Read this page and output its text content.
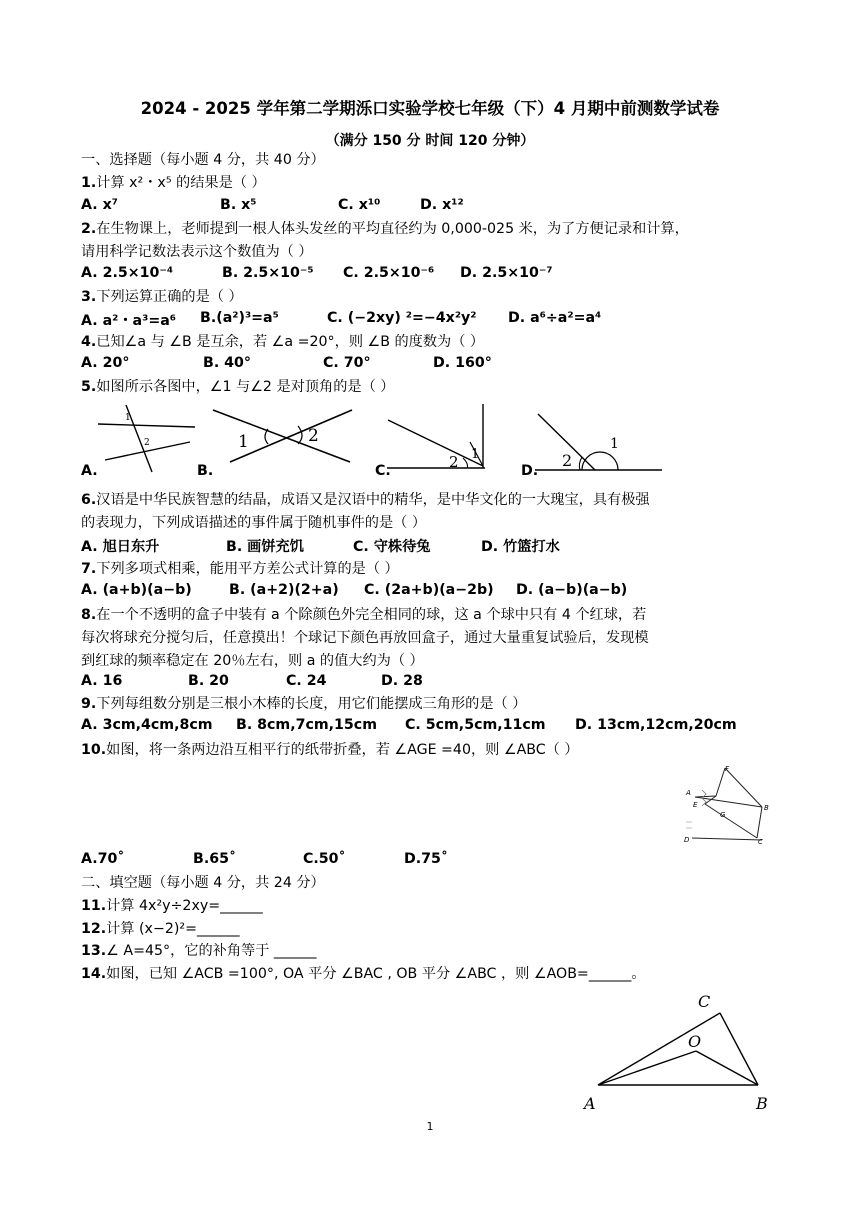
2024 - 2025 学年第二学期泺口实验学校七年级（下）4 月期中前测数学试卷
（满分 150 分 时间 120 分钟）
一、选择题（每小题 4 分，共 40 分）
1.计算 x²・x⁵ 的结果是（ ）
A. x⁷	B. x⁵	C. x¹⁰	D. x¹²
2.在生物课上，老师提到一根人体头发丝的平均直径约为 0,000-025 米，为了方便记录和计算，
请用科学记数法表示这个数值为（ ）
A. 2.5×10⁻⁴	B. 2.5×10⁻⁵ C. 2.5×10⁻⁶ D. 2.5×10⁻⁷
3.下列运算正确的是（ ）
A. a²・a³=a⁶ B.(a²)³=a⁵	C. (−2xy) ²=−4x²y² D. a⁶÷a²=a⁴
4.已知∠a 与 ∠B 是互余，若 ∠a =20°，则 ∠B 的度数为（ ）
A. 20°	B. 40°	C. 70°	D. 160°
5.如图所示各图中，∠1 与∠2 是对顶角的是（ ）
1
2
A.
1	2
B.	2 1
C.
2
1
D.
6.汉语是中华民族智慧的结晶，成语又是汉语中的精华，是中华文化的一大瑰宝，具有极强
的表现力，下列成语描述的事件属于随机事件的是（ ）
A. 旭日东升	B. 画饼充饥	C. 守株待兔	D. 竹篮打水
7.下列多项式相乘，能用平方差公式计算的是（ ）
A. (a+b)(a−b)	B. (a+2)(2+a) C. (2a+b)(a−2b) D. (a−b)(a−b)
8.在一个不透明的盒子中装有 a 个除颜色外完全相同的球，这 a 个球中只有 4 个红球，若
每次将球充分搅匀后，任意摸出！个球记下颜色再放回盒子，通过大量重复试验后，发现模
到红球的频率稳定在 20％左右，则 a 的值大约为（ ）
A. 16	B. 20	C. 24	D. 28
9.下列每组数分别是三根小木棒的长度，用它们能摆成三角形的是（ ）
A. 3cm,4cm,8cm B. 8cm,7cm,15cm C. 5cm,5cm,11cm D. 13cm,12cm,20cm
10.如图，将一条两边沿互相平行的纸带折叠，若 ∠AGE =40，则 ∠ABC（ ）
F
A
E	B
G
D	C
A.70˚	B.65˚	C.50˚	D.75˚
二、填空题（每小题 4 分，共 24 分）
11.计算 4x²y÷2xy=______
12.计算 (x−2)²=______
13.∠ A=45°，它的补角等于 ______
14.如图，已知 ∠ACB =100°, OA 平分 ∠BAC , OB 平分 ∠ABC ，则 ∠AOB=______。
C
O
A	B
1
